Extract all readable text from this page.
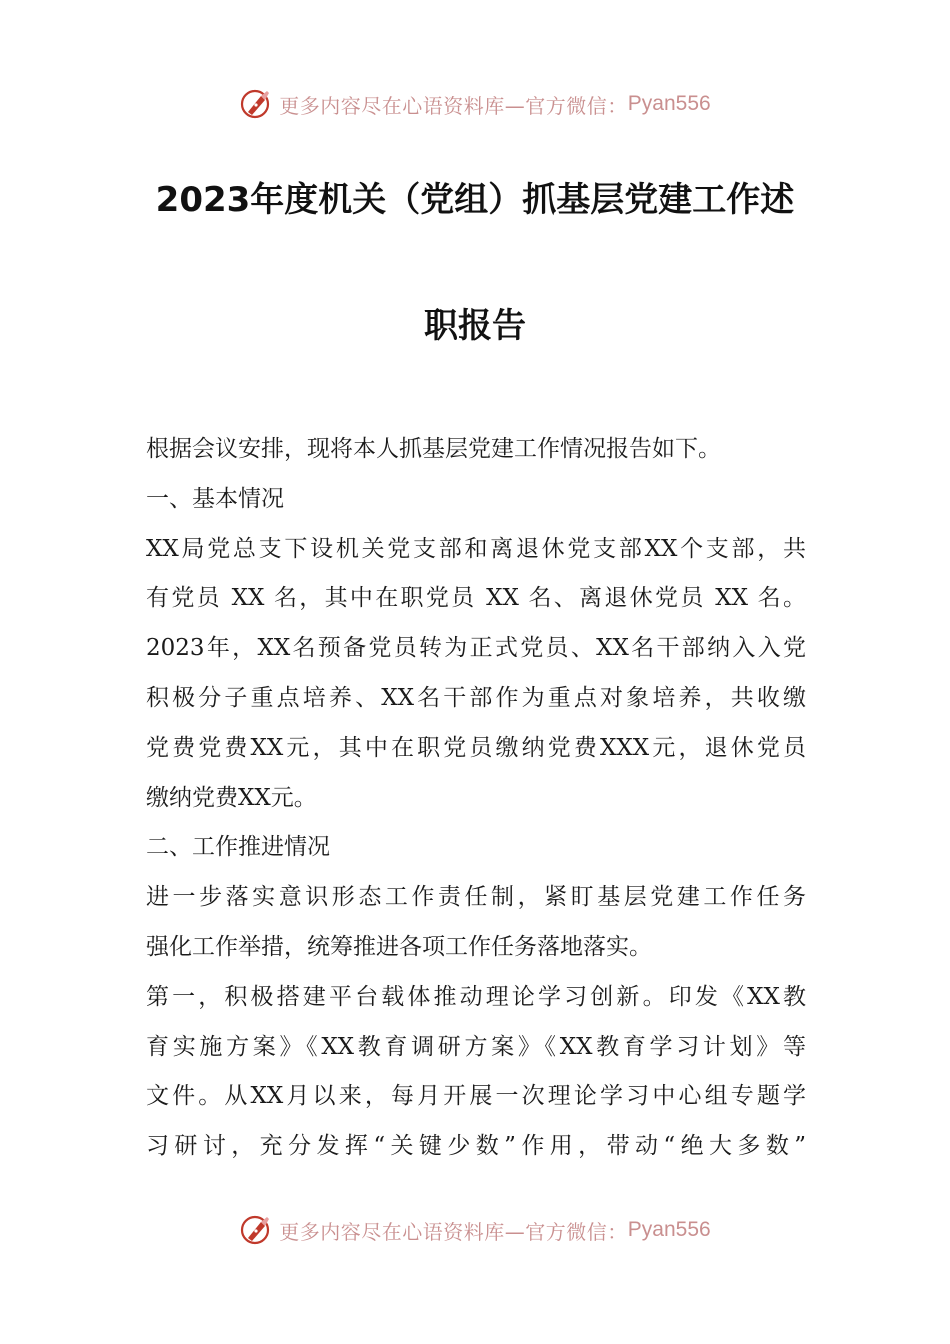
更多内容尽在心语资料库—官方微信： Pyan556
2023年度机关（党组）抓基层党建工作述
职报告
根据会议安排，现将本人抓基层党建工作情况报告如下。
一、基本情况
XX局党总支下设机关党支部和离退休党支部XX个支部，共
有党员 XX 名，其中在职党员 XX 名、离退休党员 XX 名。
2023年，XX名预备党员转为正式党员、XX名干部纳入入党
积极分子重点培养、XX名干部作为重点对象培养，共收缴
党费党费XX元，其中在职党员缴纳党费XXX元，退休党员
缴纳党费XX元。
二、工作推进情况
进一步落实意识形态工作责任制，紧盯基层党建工作任务
强化工作举措，统筹推进各项工作任务落地落实。
第一，积极搭建平台载体推动理论学习创新。印发《XX教
育实施方案》《XX教育调研方案》《XX教育学习计划》等
文件。从XX月以来，每月开展一次理论学习中心组专题学
习研讨，充分发挥“关键少数”作用，带动“绝大多数”
更多内容尽在心语资料库—官方微信： Pyan556
